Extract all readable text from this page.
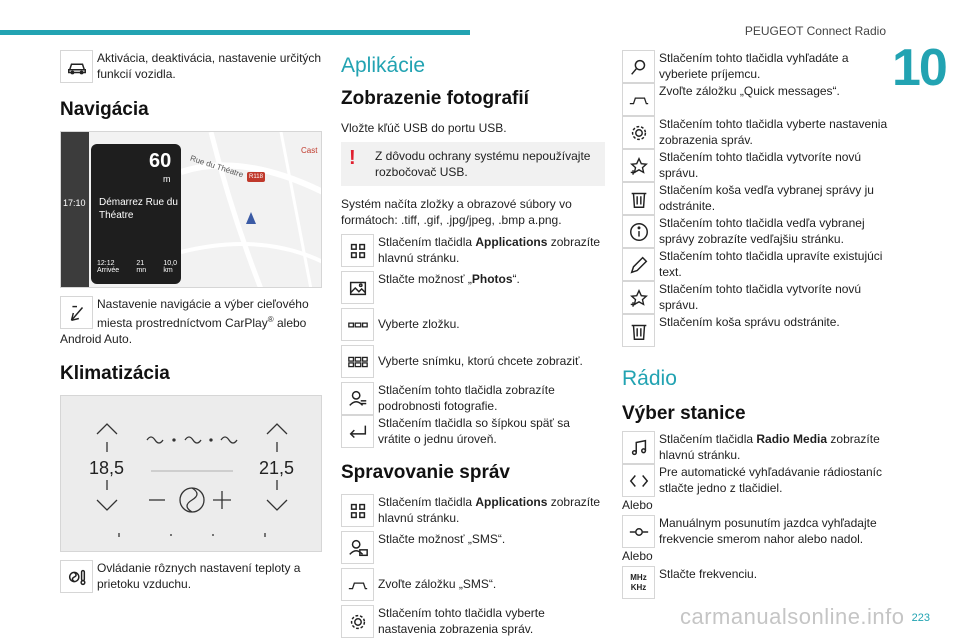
PEUGEOT Connect Radio
10
carmanualsonline.info 223
Aktivácia, deaktivácia, nastavenie určitých funkcií vozidla.
Navigácia
17:10
Rue du Théatre
Cast
R118
60
m
Démarrez Rue du Théatre
12:12
Arrivée
21
mn
10,0
km
Nastavenie navigácie a výber cieľového miesta prostredníctvom CarPlay® alebo Android Auto.
Klimatizácia
18,5	21,5
Ovládanie rôznych nastavení teploty a prietoku vzduchu.
Aplikácie
Zobrazenie fotografií

Vložte kľúč USB do portu USB.

!	Z dôvodu ochrany systému nepoužívajte rozbočovač USB.

Systém načíta zložky a obrazové súbory vo formátoch: .tiff, .gif, .jpg/jpeg, .bmp a.png.

Stlačením tlačidla Applications zobrazíte hlavnú stránku.
Stlačte možnosť „Photos“.
Vyberte zložku.
Vyberte snímku, ktorú chcete zobraziť.
Stlačením tohto tlačidla zobrazíte podrobnosti fotografie.
Stlačením tlačidla so šípkou späť sa vrátite o jednu úroveň.
Spravovanie správ
Stlačením tlačidla Applications zobrazíte hlavnú stránku.
Stlačte možnosť „SMS“.
Zvoľte záložku „SMS“.
Stlačením tohto tlačidla vyberte nastavenia zobrazenia správ.
Stlačením tohto tlačidla vyhľadáte a vyberiete príjemcu.
Zvoľte záložku „Quick messages“.
Stlačením tohto tlačidla vyberte nastavenia zobrazenia správ.
Stlačením tohto tlačidla vytvoríte novú správu.
Stlačením koša vedľa vybranej správy ju odstránite.
Stlačením tohto tlačidla vedľa vybranej správy zobrazíte vedľajšiu stránku.
Stlačením tohto tlačidla upravíte existujúci text.
Stlačením tohto tlačidla vytvoríte novú správu.
Stlačením koša správu odstránite.
Rádio
Výber stanice
Stlačením tlačidla Radio Media zobrazíte hlavnú stránku.
Pre automatické vyhľadávanie rádiostaníc stlačte jedno z tlačidiel.

Alebo

Manuálnym posunutím jazdca vyhľadajte frekvencie smerom nahor alebo nadol.

Alebo

MHz
KHz
Stlačte frekvenciu.
